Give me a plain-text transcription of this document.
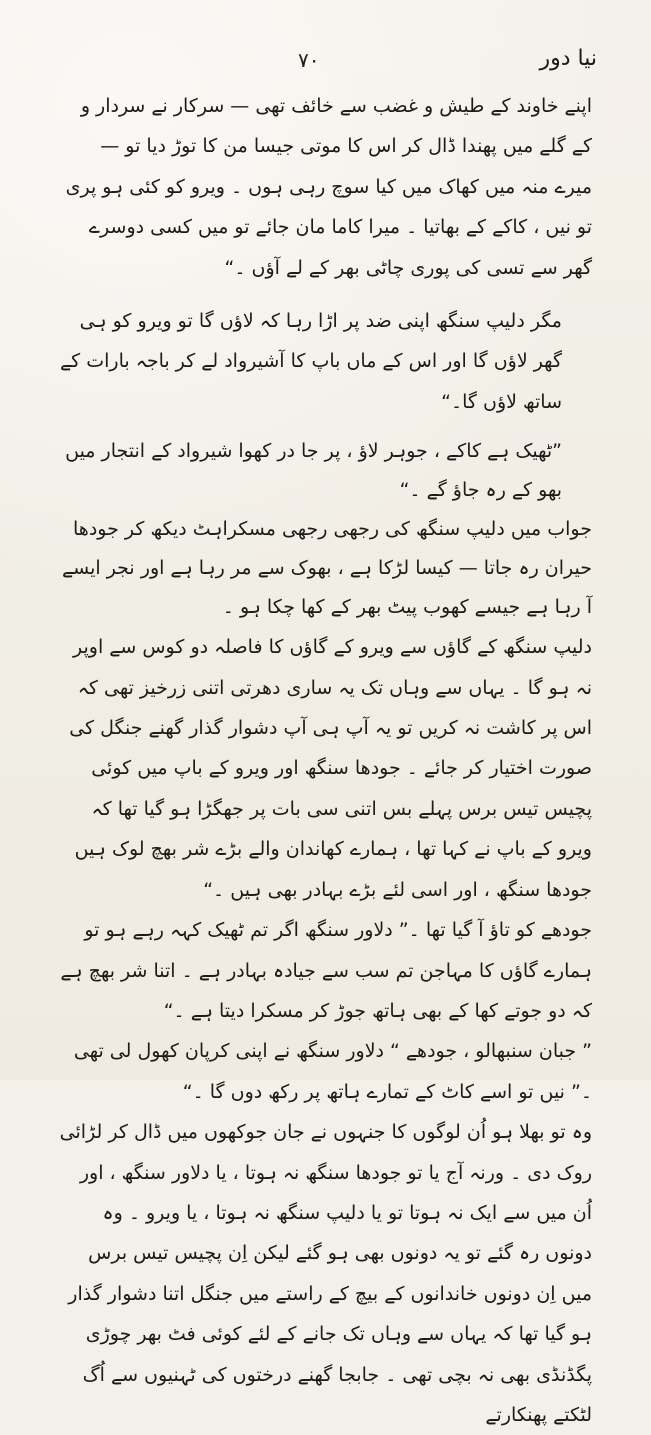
نیا دور
۷۰

اپنے خاوند کے طیش و غضب سے خائف تھی — سرکار نے سردار و کے گلے میں پھندا ڈال کر اس کا موتی جیسا من کا توڑ دیا تو — میرے منہ میں کھاک میں کیا سوچ رہی ہوں ۔ ویرو کو کئی ہو پری تو نیں ، کاکے کے بھاتیا ۔ میرا کاما مان جائے تو میں کسی دوسرے گھر سے تسی کی پوری چاٹی بھر کے لے آؤں ۔“

مگر دلیپ سنگھ اپنی ضد پر اڑا رہا کہ لاؤں گا تو ویرو کو ہی گھر لاؤں گا اور اس کے ماں باپ کا آشیرواد لے کر باجہ بارات کے ساتھ لاؤں گا۔“

”ٹھیک ہے کاکے ، جوہر لاؤ ، پر جا در کھوا شیرواد کے انتجار میں بھو کے رہ جاؤ گے ۔“

جواب میں دلیپ سنگھ کی رجھی رجھی مسکراہٹ دیکھ کر جودھا حیران رہ جاتا — کیسا لڑکا ہے ، بھوک سے مر رہا ہے اور نجر ایسے آ رہا ہے جیسے کھوب پیٹ بھر کے کھا چکا ہو ۔

دلیپ سنگھ کے گاؤں سے ویرو کے گاؤں کا فاصلہ دو کوس سے اوپر نہ ہو گا ۔ یہاں سے وہاں تک یہ ساری دھرتی اتنی زرخیز تھی کہ اس پر کاشت نہ کریں تو یہ آپ ہی آپ دشوار گذار گھنے جنگل کی صورت اختیار کر جائے ۔ جودھا سنگھ اور ویرو کے باپ میں کوئی پچیس تیس برس پہلے بس اتنی سی بات پر جھگڑا ہو گیا تھا کہ ویرو کے باپ نے کہا تھا ، ہمارے کھاندان والے بڑے شر بھچ لوک ہیں جودھا سنگھ ، اور اسی لئے بڑے بہادر بھی ہیں ۔“

جودھے کو تاؤ آ گیا تھا ۔” دلاور سنگھ اگر تم ٹھیک کہہ رہے ہو تو ہمارے گاؤں کا مہاجن تم سب سے جیادہ بہادر ہے ۔ اتنا شر بھچ ہے کہ دو جوتے کھا کے بھی ہاتھ جوڑ کر مسکرا دیتا ہے ۔“

” جبان سنبھالو ، جودھے “ دلاور سنگھ نے اپنی کرپان کھول لی تھی ۔” نیں تو اسے کاٹ کے تمارے ہاتھ پر رکھ دوں گا ۔“

وہ تو بھلا ہو اُن لوگوں کا جنہوں نے جان جوکھوں میں ڈال کر لڑائی روک دی ۔ ورنہ آج یا تو جودھا سنگھ نہ ہوتا ، یا دلاور سنگھ ، اور اُن میں سے ایک نہ ہوتا تو یا دلیپ سنگھ نہ ہوتا ، یا ویرو ۔ وہ دونوں رہ گئے تو یہ دونوں بھی ہو گئے لیکن اِن پچیس تیس برس میں اِن دونوں خاندانوں کے بیچ کے راستے میں جنگل اتنا دشوار گذار ہو گیا تھا کہ یہاں سے وہاں تک جانے کے لئے کوئی فٹ بھر چوڑی پگڈنڈی بھی نہ بچی تھی ۔ جابجا گھنے درختوں کی ٹہنیوں سے اُگ لٹکتے پھنکارتے
